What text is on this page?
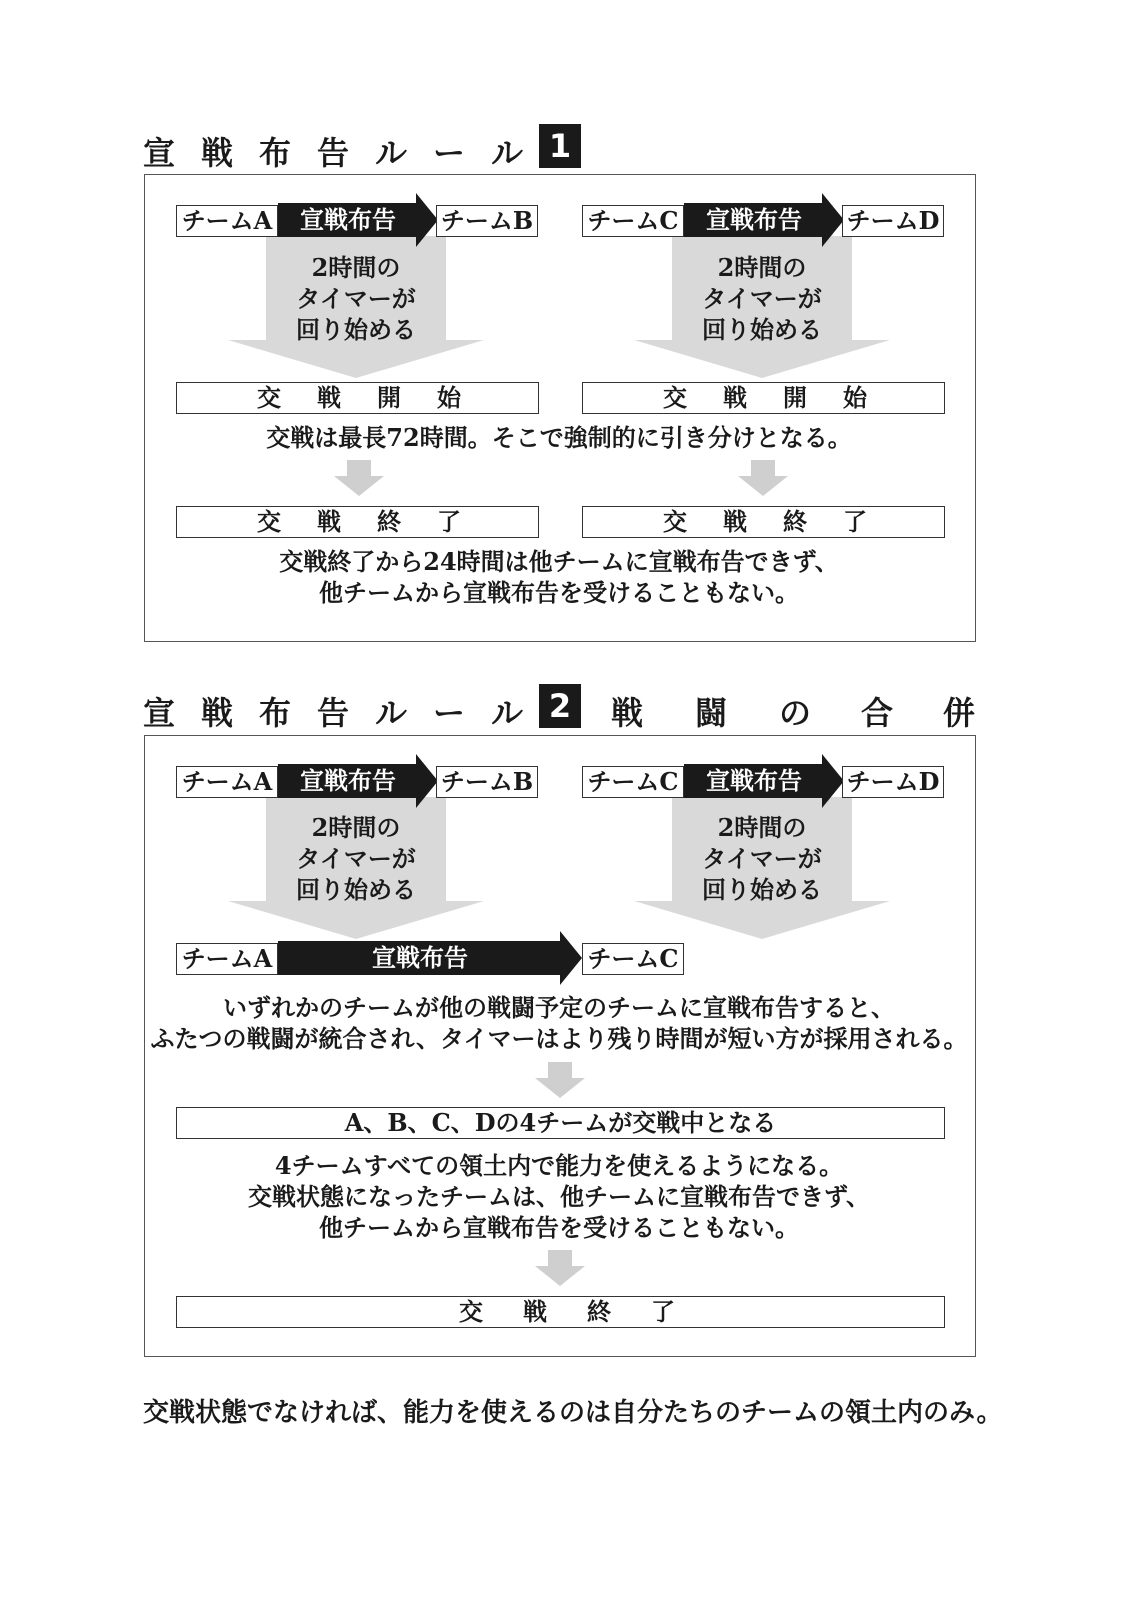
宣 戦 布 告 ル ー ル 1
チームA	宣戦布告	チームB
2時間の
タイマーが
回り始める
チームC	宣戦布告	チームD
2時間の
タイマーが
回り始める
交 戦 開 始	交 戦 開 始
交戦は最長72時間。そこで強制的に引き分けとなる。
交 戦 終 了	交 戦 終 了
交戦終了から24時間は他チームに宣戦布告できず、
他チームから宣戦布告を受けることもない。
宣 戦 布 告 ル ー ル 2	戦 闘 の 合 併
チームA	宣戦布告	チームB
2時間の
タイマーが
回り始める
チームC	宣戦布告	チームD
2時間の
タイマーが
回り始める
チームA	宣戦布告	チームC
いずれかのチームが他の戦闘予定のチームに宣戦布告すると、
ふたつの戦闘が統合され、タイマーはより残り時間が短い方が採用される。
A、B、C、Dの4チームが交戦中となる
4チームすべての領土内で能力を使えるようになる。
交戦状態になったチームは、他チームに宣戦布告できず、
他チームから宣戦布告を受けることもない。
交 戦 終 了
交戦状態でなければ、能力を使えるのは自分たちのチームの領土内のみ。
